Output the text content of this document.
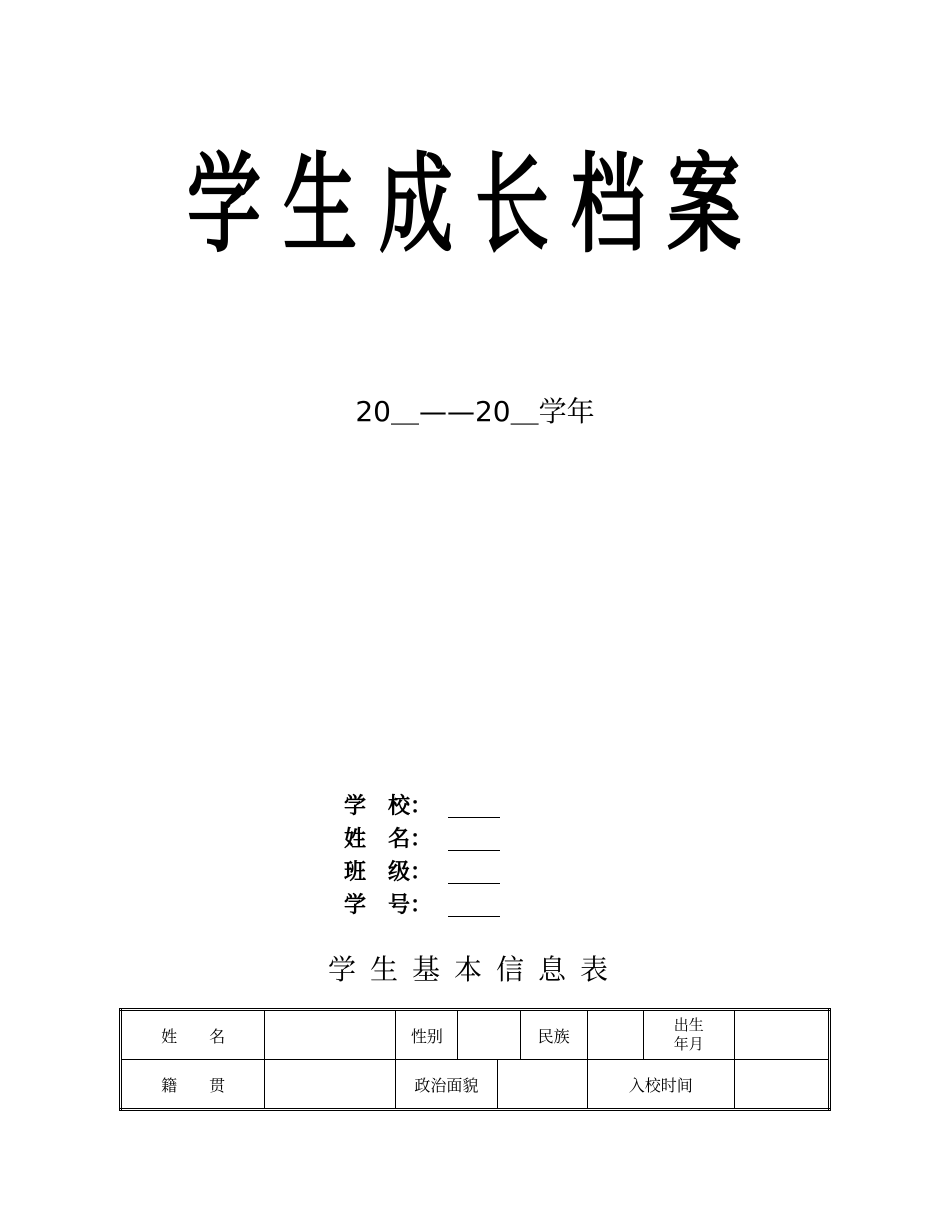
学生成长档案
20＿——20＿学年
学　校：
姓　名：
班　级：
学　号：
学生基本信息表
姓　　名		性别			民族		出生
年月	

籍　　贯		政治面貌				入校时间		
